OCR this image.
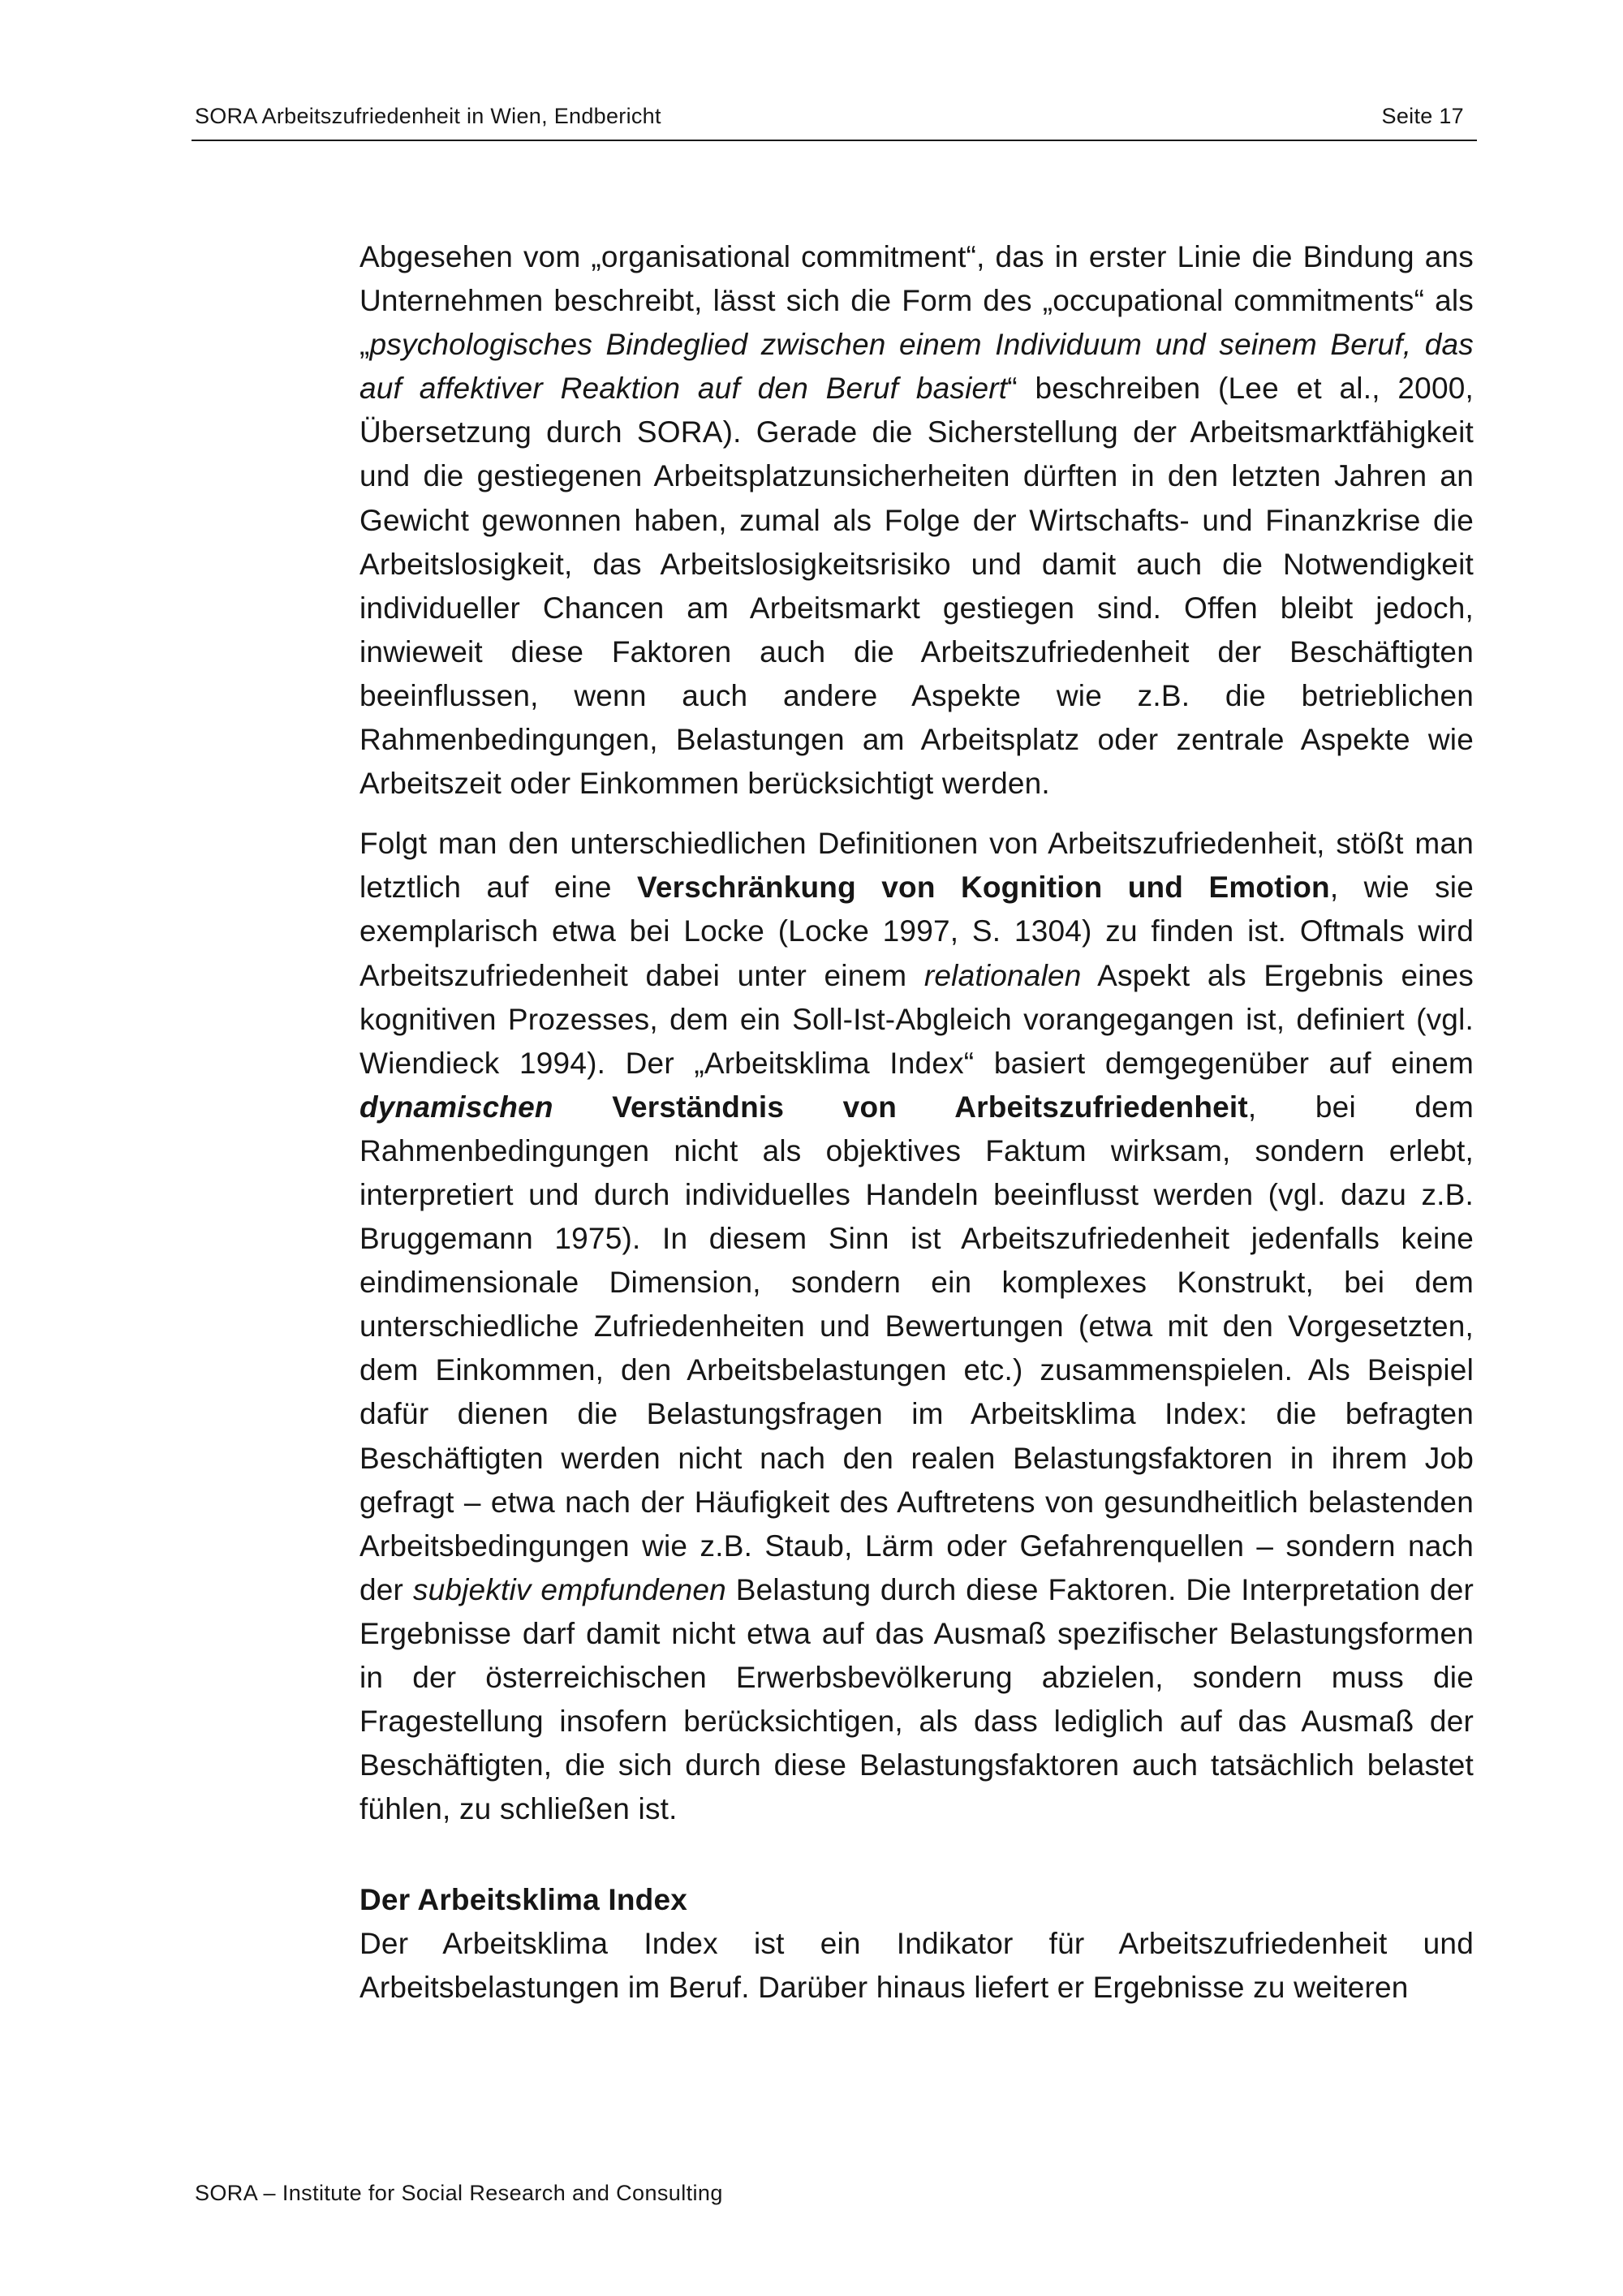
SORA Arbeitszufriedenheit in Wien, Endbericht	Seite 17

Abgesehen vom „organisational commitment“, das in erster Linie die Bindung ans Unternehmen beschreibt, lässt sich die Form des „occupational commitments“ als „psychologisches Bindeglied zwischen einem Individuum und seinem Beruf, das auf affektiver Reaktion auf den Beruf basiert“ beschreiben (Lee et al., 2000, Übersetzung durch SORA). Gerade die Sicherstellung der Arbeitsmarktfähigkeit und die gestiegenen Arbeitsplatzunsicherheiten dürften in den letzten Jahren an Gewicht gewonnen haben, zumal als Folge der Wirtschafts- und Finanzkrise die Arbeitslosigkeit, das Arbeitslosigkeitsrisiko und damit auch die Notwendigkeit individueller Chancen am Arbeitsmarkt gestiegen sind. Offen bleibt jedoch, inwieweit diese Faktoren auch die Arbeitszufriedenheit der Beschäftigten beeinflussen, wenn auch andere Aspekte wie z.B. die betrieblichen Rahmenbedingungen, Belastungen am Arbeitsplatz oder zentrale Aspekte wie Arbeitszeit oder Einkommen berücksichtigt werden.

Folgt man den unterschiedlichen Definitionen von Arbeitszufriedenheit, stößt man letztlich auf eine Verschränkung von Kognition und Emotion, wie sie exemplarisch etwa bei Locke (Locke 1997, S. 1304) zu finden ist. Oftmals wird Arbeitszufriedenheit dabei unter einem relationalen Aspekt als Ergebnis eines kognitiven Prozesses, dem ein Soll-Ist-Abgleich vorangegangen ist, definiert (vgl. Wiendieck 1994). Der „Arbeitsklima Index“ basiert demgegenüber auf einem dynamischen Verständnis von Arbeitszufriedenheit, bei dem Rahmenbedingungen nicht als objektives Faktum wirksam, sondern erlebt, interpretiert und durch individuelles Handeln beeinflusst werden (vgl. dazu z.B. Bruggemann 1975). In diesem Sinn ist Arbeitszufriedenheit jedenfalls keine eindimensionale Dimension, sondern ein komplexes Konstrukt, bei dem unterschiedliche Zufriedenheiten und Bewertungen (etwa mit den Vorgesetzten, dem Einkommen, den Arbeitsbelastungen etc.) zusammenspielen. Als Beispiel dafür dienen die Belastungsfragen im Arbeitsklima Index: die befragten Beschäftigten werden nicht nach den realen Belastungsfaktoren in ihrem Job gefragt – etwa nach der Häufigkeit des Auftretens von gesundheitlich belastenden Arbeitsbedingungen wie z.B. Staub, Lärm oder Gefahrenquellen – sondern nach der subjektiv empfundenen Belastung durch diese Faktoren. Die Interpretation der Ergebnisse darf damit nicht etwa auf das Ausmaß spezifischer Belastungsformen in der österreichischen Erwerbsbevölkerung abzielen, sondern muss die Fragestellung insofern berücksichtigen, als dass lediglich auf das Ausmaß der Beschäftigten, die sich durch diese Belastungsfaktoren auch tatsächlich belastet fühlen, zu schließen ist.

Der Arbeitsklima Index

Der Arbeitsklima Index ist ein Indikator für Arbeitszufriedenheit und Arbeitsbelastungen im Beruf. Darüber hinaus liefert er Ergebnisse zu weiteren

SORA – Institute for Social Research and Consulting
